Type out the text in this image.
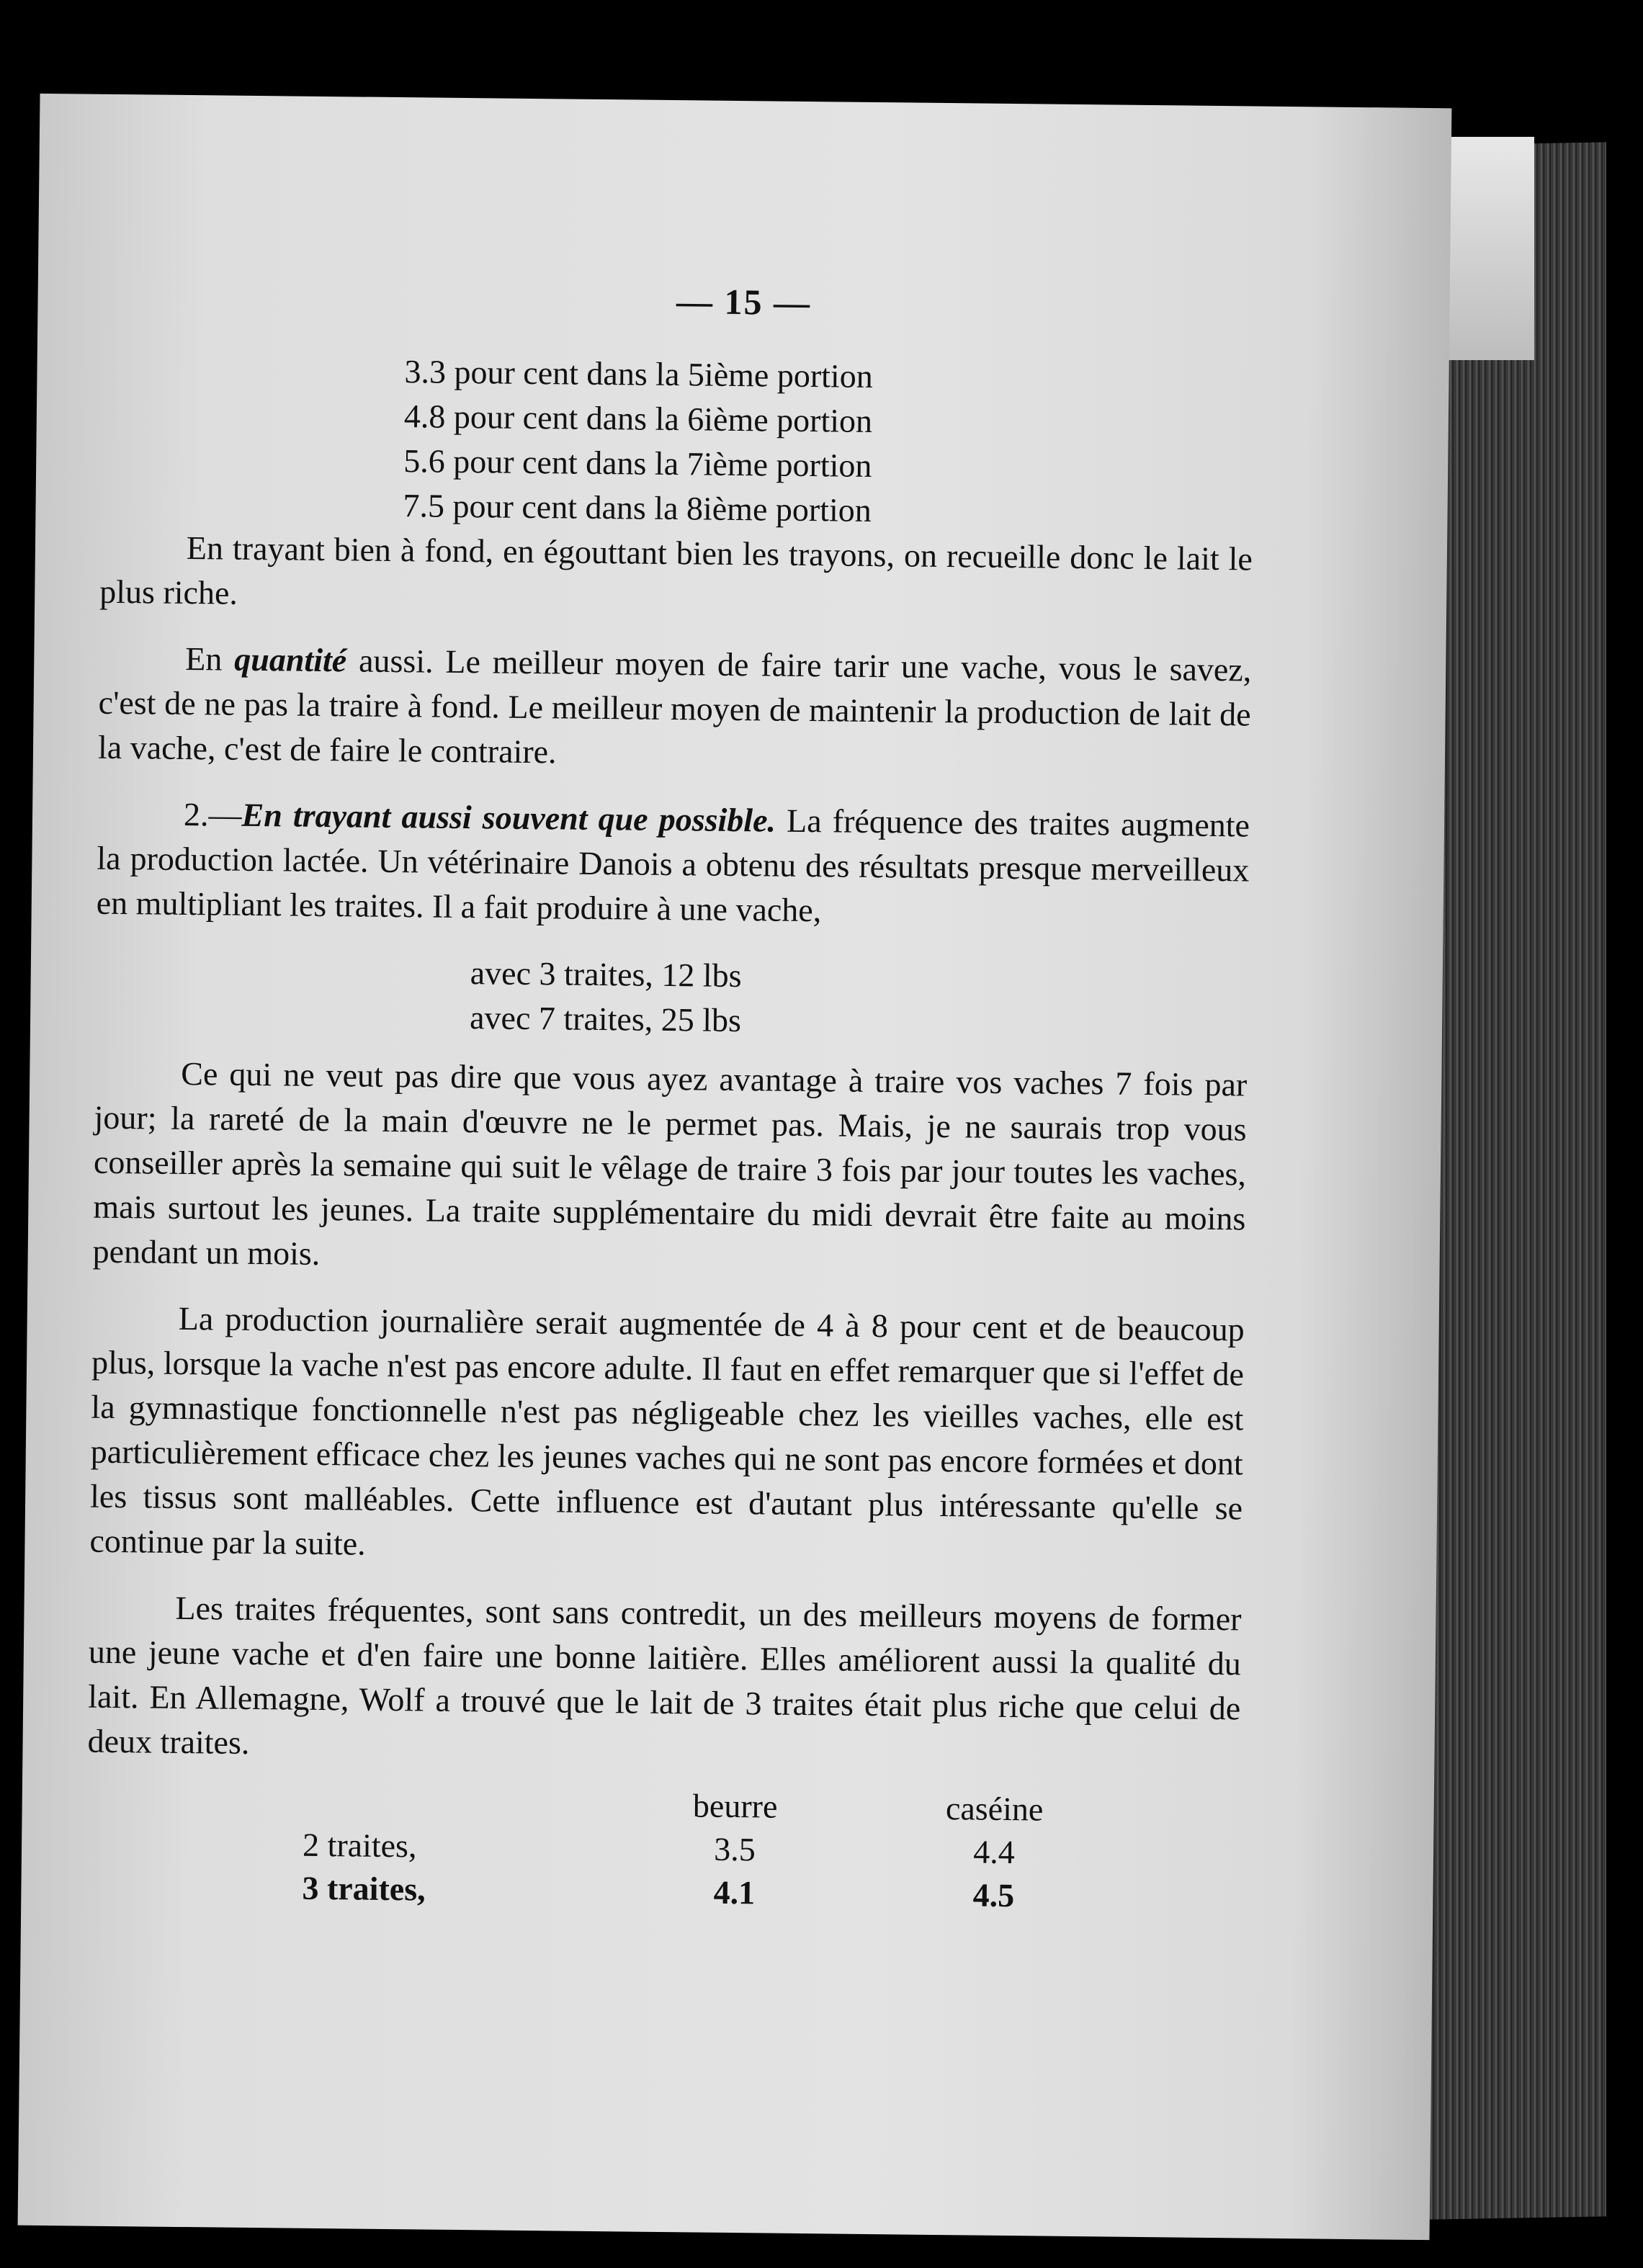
— 15 —
3.3 pour cent dans la 5ième portion
4.8 pour cent dans la 6ième portion
5.6 pour cent dans la 7ième portion
7.5 pour cent dans la 8ième portion

En trayant bien à fond, en égouttant bien les trayons, on recueille donc le lait le plus riche.

En quantité aussi. Le meilleur moyen de faire tarir une vache, vous le savez, c'est de ne pas la traire à fond. Le meilleur moyen de maintenir la production de lait de la vache, c'est de faire le contraire.

2.—En trayant aussi souvent que possible. La fréquence des traites augmente la production lactée. Un vétérinaire Danois a obtenu des résultats presque merveilleux en multipliant les traites. Il a fait produire à une vache,

avec 3 traites, 12 lbs
avec 7 traites, 25 lbs

Ce qui ne veut pas dire que vous ayez avantage à traire vos vaches 7 fois par jour; la rareté de la main d'œuvre ne le permet pas. Mais, je ne saurais trop vous conseiller après la semaine qui suit le vêlage de traire 3 fois par jour toutes les vaches, mais surtout les jeunes. La traite supplémentaire du midi devrait être faite au moins pendant un mois.

La production journalière serait augmentée de 4 à 8 pour cent et de beaucoup plus, lorsque la vache n'est pas encore adulte. Il faut en effet remarquer que si l'effet de la gymnastique fonctionnelle n'est pas négligeable chez les vieilles vaches, elle est particulièrement efficace chez les jeunes vaches qui ne sont pas encore formées et dont les tissus sont malléables. Cette influence est d'autant plus intéressante qu'elle se continue par la suite.

Les traites fréquentes, sont sans contredit, un des meilleurs moyens de former une jeune vache et d'en faire une bonne laitière. Elles améliorent aussi la qualité du lait. En Allemagne, Wolf a trouvé que le lait de 3 traites était plus riche que celui de deux traites.

	beurre	caséine
2 traites,	3.5	4.4
3 traites,	4.1	4.5
